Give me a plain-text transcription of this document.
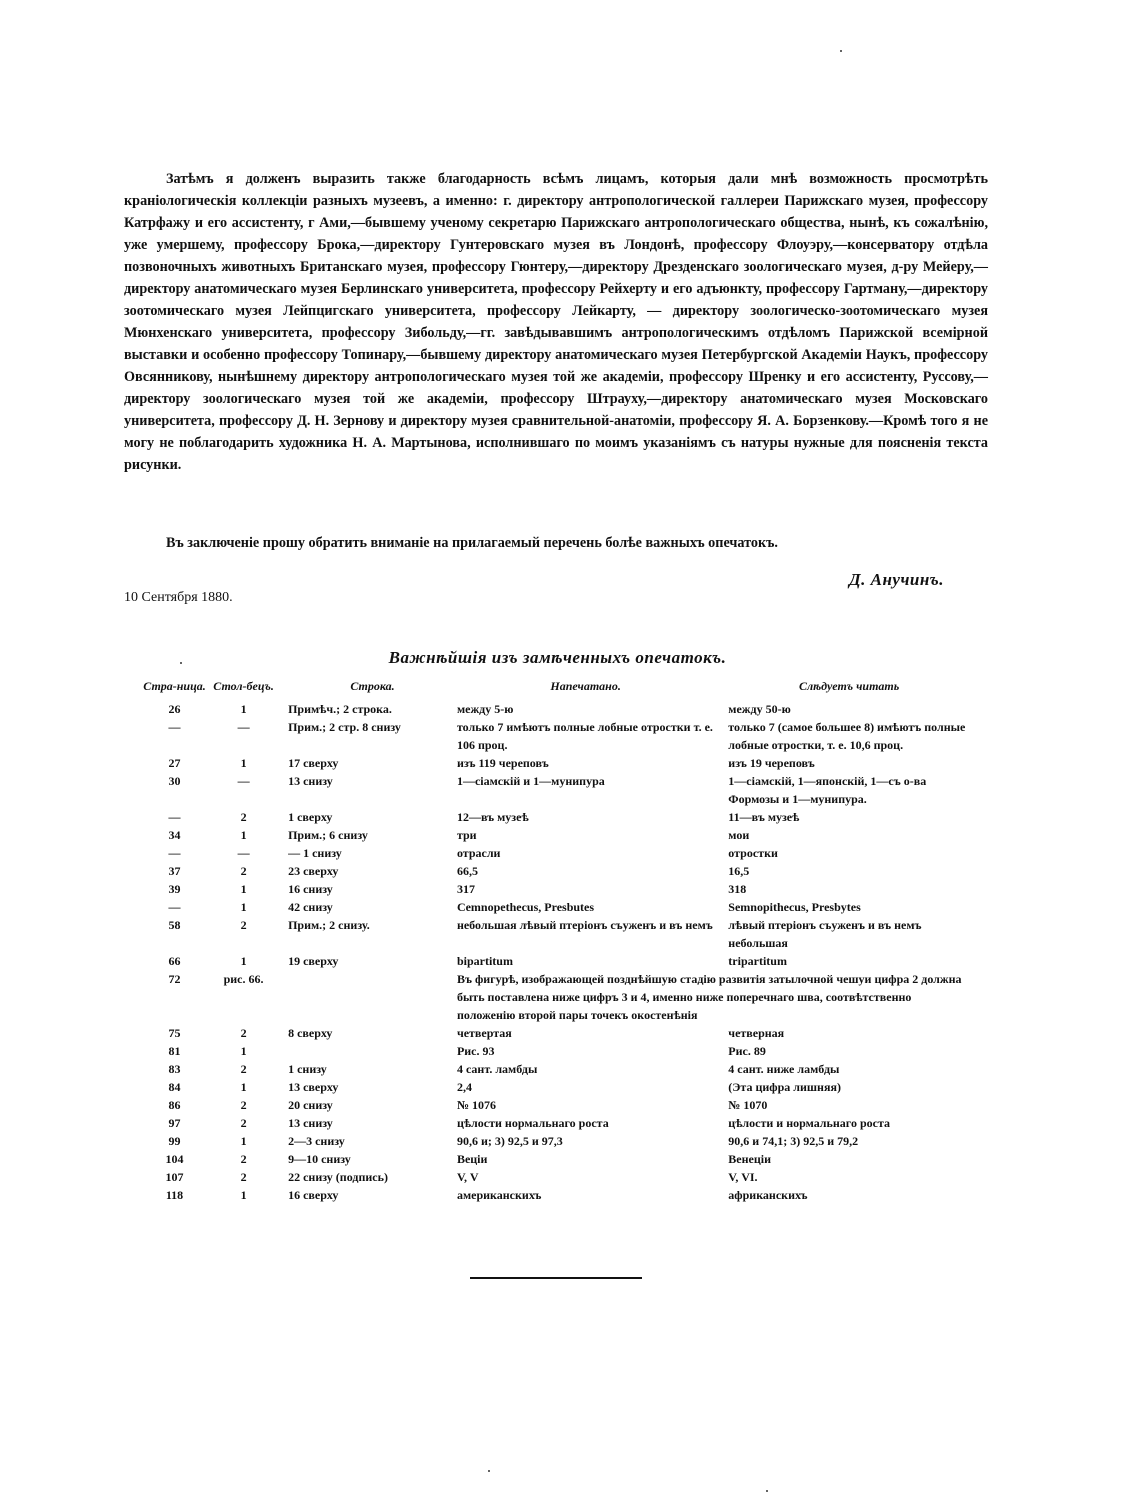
Затѣмъ я долженъ выразить также благодарность всѣмъ лицамъ, которыя дали мнѣ возможность просмотрѣть краніологическія коллекціи разныхъ музеевъ, а именно: г. директору антропологической галлереи Парижскаго музея, профессору Катрфажу и его ассистенту, г Ами,—бывшему ученому секретарю Парижскаго антропологическаго общества, нынѣ, къ сожалѣнію, уже умершему, профессору Брока,—директору Гунтеровскаго музея въ Лондонѣ, профессору Флоуэру,—консерватору отдѣла позвоночныхъ животныхъ Британскаго музея, профессору Гюнтеру,—директору Дрезденскаго зоологическаго музея, д-ру Мейеру,—директору анатомическаго музея Берлинскаго университета, профессору Рейхерту и его адъюнкту, профессору Гартману,—директору зоотомическаго музея Лейпцигскаго университета, профессору Лейкарту, — директору зоологическо-зоотомическаго музея Мюнхенскаго университета, профессору Зибольду,—гг. завѣдывавшимъ антропологическимъ отдѣломъ Парижской всемірной выставки и особенно профессору Топинару,—бывшему директору анатомическаго музея Петербургской Академіи Наукъ, профессору Овсянникову, нынѣшнему директору антропологическаго музея той же академіи, профессору Шренку и его ассистенту, Руссову,—директору зоологическаго музея той же академіи, профессору Штрауху,—директору анатомическаго музея Московскаго университета, профессору Д. Н. Зернову и директору музея сравнительной-анатоміи, профессору Я. А. Борзенкову.—Кромѣ того я не могу не поблагодарить художника Н. А. Мартынова, исполнившаго по моимъ указаніямъ съ натуры нужные для поясненія текста рисунки.

Въ заключеніе прошу обратить вниманіе на прилагаемый перечень болѣе важныхъ опечатокъ.

Д. Анучинъ.
10 Сентября 1880.
Важнѣйшія изъ замѣченныхъ опечатокъ.
Стра-ница.	Стол-бецъ.	Строка.	Напечатано.	Слѣдуетъ читать
26	1	Примѣч.; 2 строка.	между 5-ю	между 50-ю
—	—	Прим.; 2 стр. 8 снизу	только 7 имѣютъ полные лобные отростки т. е. 106 проц.	только 7 (самое большее 8) имѣютъ полные лобные отростки, т. е. 10,6 проц.
27	1	17 сверху	изъ 119 череповъ	изъ 19 череповъ
30	—	13 снизу	1—сіамскій и 1—мунипура	1—сіамскій, 1—японскій, 1—съ о-ва Формозы и 1—мунипура.
—	2	1 сверху	12—въ музеѣ	11—въ музеѣ
34	1	Прим.; 6 снизу	три	мои
—	—	— 1 снизу	отрасли	отростки
37	2	23 сверху	66,5	16,5
39	1	16 снизу	317	318
—	1	42 снизу	Cemnopethecus, Presbutes	Semnopithecus, Presbytes
58	2	Прим.; 2 снизу.	небольшая лѣвый птеріонъ съуженъ и въ немъ	лѣвый птеріонъ съуженъ и въ немъ небольшая
66	1	19 сверху	bipartitum	tripartitum
72	рис. 66.		Въ фигурѣ, изображающей позднѣйшую стадію развитія затылочной чешуи цифра 2 должна быть поставлена ниже цифръ 3 и 4, именно ниже поперечнаго шва, соотвѣтственно положенію второй пары точекъ окостенѣнія	
75	2	8 сверху	четвертая	четверная
81	1		Рис. 93	Рис. 89
83	2	1 снизу	4 сант. ламбды	4 сант. ниже ламбды
84	1	13 сверху	2,4	(Эта цифра лишняя)
86	2	20 снизу	№ 1076	№ 1070
97	2	13 снизу	цѣлости нормальнаго роста	цѣлости и нормальнаго роста
99	1	2—3 снизу	90,6 и; 3) 92,5 и 97,3	90,6 и 74,1; 3) 92,5 и 79,2
104	2	9—10 снизу	Веціи	Венеціи
107	2	22 снизу (подпись)	V, V	V, VI.
118	1	16 сверху	американскихъ	африканскихъ
